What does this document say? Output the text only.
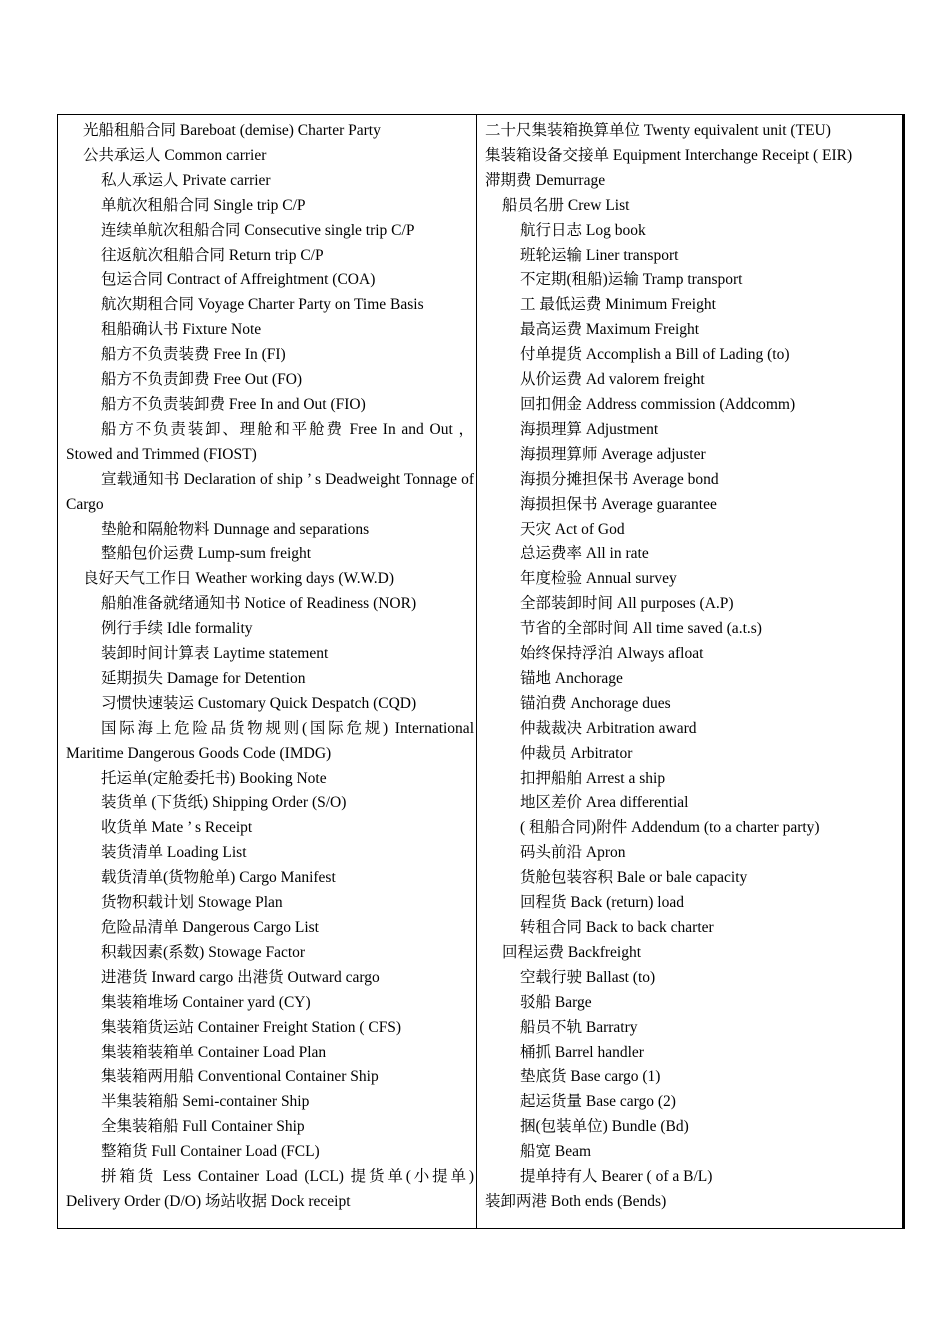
光船租船合同 Bareboat (demise) Charter Party
公共承运人 Common carrier
私人承运人 Private carrier
单航次租船合同 Single trip C/P
连续单航次租船合同 Consecutive single trip C/P
往返航次租船合同 Return trip C/P
包运合同 Contract of Affreightment (COA)
航次期租合同 Voyage Charter Party on Time Basis
租船确认书 Fixture Note
船方不负责装费 Free In (FI)
船方不负责卸费 Free Out (FO)
船方不负责装卸费 Free In and Out (FIO)
船方不负责装卸、理舱和平舱费 Free In and Out ，Stowed and Trimmed (FIOST)
宣载通知书 Declaration of ship ’ s Deadweight Tonnage of Cargo
垫舱和隔舱物料 Dunnage and separations
整船包价运费 Lump-sum freight
良好天气工作日 Weather working days (W.W.D)
船舶准备就绪通知书 Notice of Readiness (NOR)
例行手续 Idle formality
装卸时间计算表 Laytime statement
延期损失 Damage for Detention
习惯快速装运 Customary Quick Despatch (CQD)
国际海上危险品货物规则(国际危规) International Maritime Dangerous Goods Code (IMDG)
托运单(定舱委托书) Booking Note
装货单 (下货纸) Shipping Order (S/O)
收货单 Mate ’ s Receipt
装货清单 Loading List
载货清单(货物舱单) Cargo Manifest
货物积载计划 Stowage Plan
危险品清单 Dangerous Cargo List
积载因素(系数) Stowage Factor
进港货 Inward cargo 出港货 Outward cargo
集装箱堆场 Container yard (CY)
集装箱货运站 Container Freight Station ( CFS)
集装箱装箱单 Container Load Plan
集装箱两用船 Conventional Container Ship
半集装箱船 Semi-container Ship
全集装箱船 Full Container Ship
整箱货 Full Container Load (FCL)
拼箱货 Less Container Load (LCL) 提货单(小提单) Delivery Order (D/O) 场站收据 Dock receipt
二十尺集装箱换算单位 Twenty equivalent unit (TEU)
集装箱设备交接单 Equipment Interchange Receipt ( EIR)
滞期费 Demurrage
船员名册 Crew List
航行日志 Log book
班轮运输 Liner transport
不定期(租船)运输 Tramp transport
工 最低运费 Minimum Freight
最高运费 Maximum Freight
付单提货 Accomplish a Bill of Lading (to)
从价运费 Ad valorem freight
回扣佣金 Address commission (Addcomm)
海损理算 Adjustment
海损理算师 Average adjuster
海损分摊担保书 Average bond
海损担保书 Average guarantee
天灾 Act of God
总运费率 All in rate
年度检验 Annual survey
全部装卸时间 All purposes (A.P)
节省的全部时间 All time saved (a.t.s)
始终保持浮泊 Always afloat
锚地 Anchorage
锚泊费 Anchorage dues
仲裁裁决 Arbitration award
仲裁员 Arbitrator
扣押船舶 Arrest a ship
地区差价 Area differential
( 租船合同)附件 Addendum (to a charter party)
码头前沿 Apron
货舱包装容积 Bale or bale capacity
回程货 Back (return) load
转租合同 Back to back charter
回程运费 Backfreight
空载行驶 Ballast (to)
驳船 Barge
船员不轨 Barratry
桶抓 Barrel handler
垫底货 Base cargo (1)
起运货量 Base cargo (2)
捆(包装单位) Bundle (Bd)
船宽 Beam
提单持有人 Bearer ( of a B/L)
装卸两港 Both ends (Bends)
